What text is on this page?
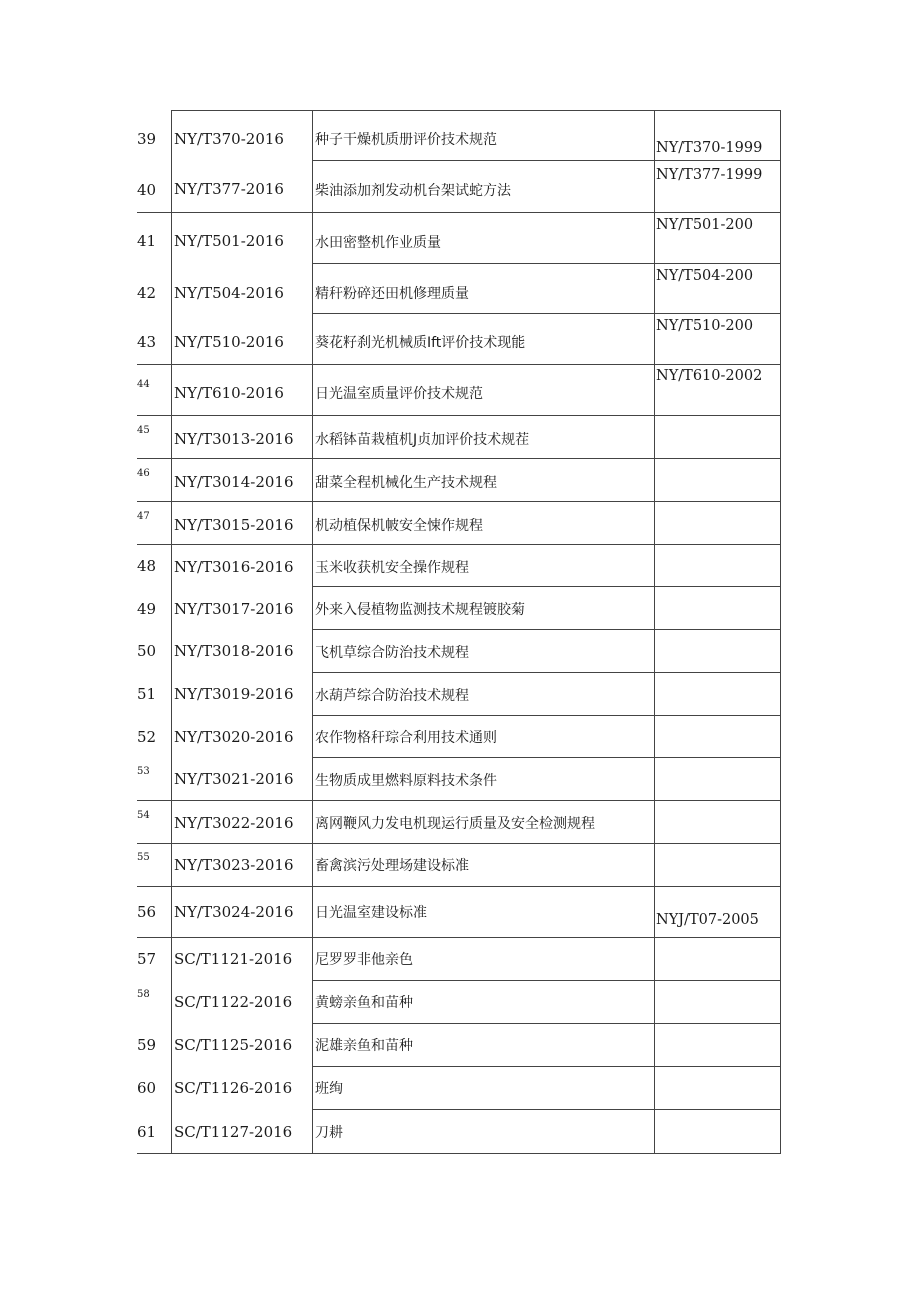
39 NY/T370-2016 种子干燥机质册评价技术规范	NY/T370-1999
40 NY/T377-2016 柴油添加剂发动机台架试蛇方法
NY/T377-1999
41 NY/T501-2016 水田密整机作业质量
NY/T501-200
42 NY/T504-2016 精秆粉碎还田机修理质量
NY/T504-200
43 NY/T510-2016 葵花籽刹光机械质Ift评价技术现能
NY/T510-200
44 NY/T610-2016 日光温室质量评价技术规范
NY/T610-2002
45 NY/T3013-2016 水稻钵苗栽植机J贞加评价技术规茬
46 NY/T3014-2016 甜菜全程机械化生产技术规程
47 NY/T3015-2016 机动植保机帔安全悚作规程
48 NY/T3016-2016 玉米收获机安全操作规程
49 NY/T3017-2016 外来入侵植物监测技术规程镀胶菊
50 NY/T3018-2016 飞机草综合防治技术规程
51 NY/T3019-2016 水葫芦综合防治技术规程
52 NY/T3020-2016 农作物格秆琮合利用技术通则
53 NY/T3021-2016 生物质成里燃料原料技术条件
54 NY/T3022-2016 离网鞭风力发电机现运行质量及安全检测规程
55 NY/T3023-2016 畜禽滨污处理场建设标准
56 NY/T3024-2016 日光温室建设标准	NYJ/T07-2005
57 SC/T1121-2016 尼罗罗非他亲色
58 SC/T1122-2016 黄螃亲鱼和苗种
59 SC/T1125-2016 泥雄亲鱼和苗种
60 SC/T1126-2016 班绚
61 SC/T1127-2016 刀耕
